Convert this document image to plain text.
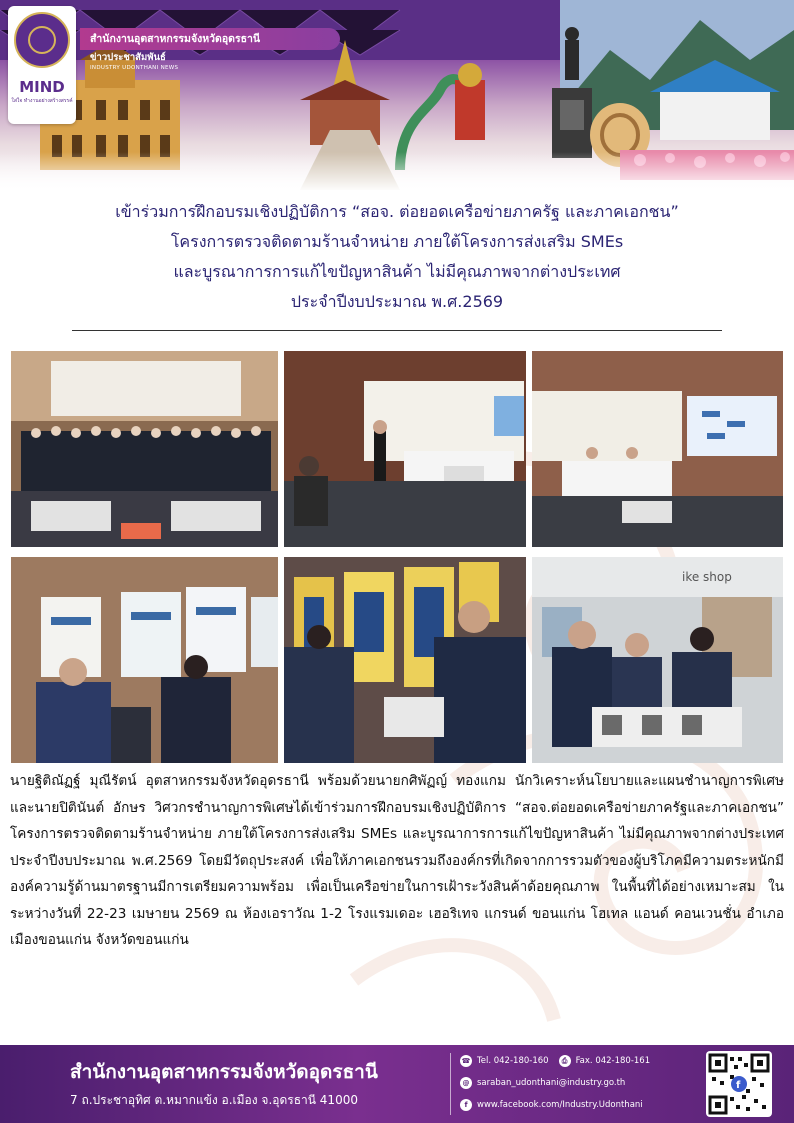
สำนักงานอุตสาหกรรมจังหวัดอุดรธานี
ข่าวประชาสัมพันธ์
INDUSTRY UDONTHANI NEWS
MIND
ใส่ใจ ทำงานอย่างสร้างสรรค์
เข้าร่วมการฝึกอบรมเชิงปฏิบัติการ “สอจ. ต่อยอดเครือข่ายภาครัฐ และภาคเอกชน”
โครงการตรวจติดตามร้านจำหน่าย ภายใต้โครงการส่งเสริม SMEs
และบูรณาการการแก้ไขปัญหาสินค้า ไม่มีคุณภาพจากต่างประเทศ
ประจำปีงบประมาณ พ.ศ.2569
ike shop
นายฐิติณัฏฐ์ มุณีรัตน์ อุตสาหกรรมจังหวัดอุดรธานี พร้อมด้วยนายกศิพัฏญ์ ทองแกม นักวิเคราะห์นโยบายและแผนชำนาญการพิเศษ และนายปิตินันต์ อักษร วิศวกรชำนาญการพิเศษได้เข้าร่วมการฝึกอบรมเชิงปฏิบัติการ “สอจ.ต่อยอดเครือข่ายภาครัฐและภาคเอกชน” โครงการตรวจติดตามร้านจำหน่าย ภายใต้โครงการส่งเสริม SMEs และบูรณาการการแก้ไขปัญหาสินค้า ไม่มีคุณภาพจากต่างประเทศ ประจำปีงบประมาณ พ.ศ.2569 โดยมีวัตถุประสงค์ เพื่อให้ภาคเอกชนรวมถึงองค์กรที่เกิดจากการรวมตัวของผู้บริโภคมีความตระหนักมีองค์ความรู้ด้านมาตรฐานมีการเตรียมความพร้อม เพื่อเป็นเครือข่ายในการเฝ้าระวังสินค้าด้อยคุณภาพ ในพื้นที่ได้อย่างเหมาะสม ในระหว่างวันที่ 22-23 เมษายน 2569 ณ ห้องเอราวัณ 1-2 โรงแรมเดอะ เฮอริเทจ แกรนด์ ขอนแก่น โฮเทล แอนด์ คอนเวนชั่น อำเภอเมืองขอนแก่น จังหวัดขอนแก่น
สำนักงานอุตสาหกรรมจังหวัดอุดรธานี
7 ถ.ประชาอุทิศ ต.หมากแข้ง อ.เมือง จ.อุดรธานี 41000
☎ Tel. 042-180-160	⎙ Fax. 042-180-161
@ saraban_udonthani@industry.go.th
f	www.facebook.com/Industry.Udonthani
f
